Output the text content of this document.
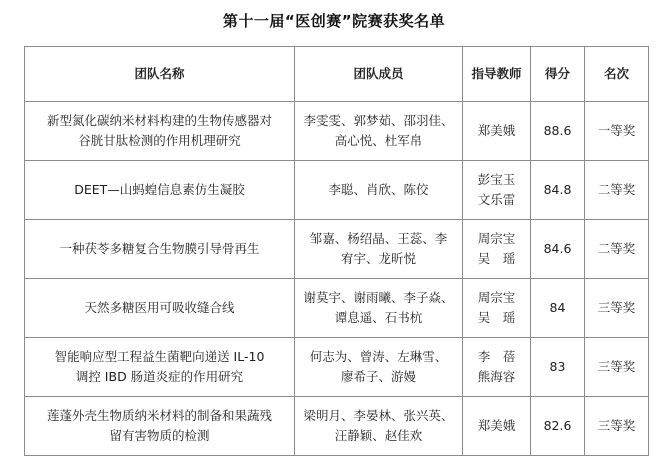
第十一届“医创赛”院赛获奖名单
团队名称	团队成员	指导教师	得分	名次

新型氮化碳纳米材料构建的生物传感器对
谷胱甘肽检测的作用机理研究	李雯雯、郭梦茹、邵羽佳、
高心悦、杜军帛	郑美娥	88.6	一等奖

DEET—山蚂蝗信息素仿生凝胶	李聪、肖欣、陈佼	彭宝玉
文乐雷	84.8	二等奖

一种茯苓多糖复合生物膜引导骨再生	邹嘉、杨绍晶、王蕊、李
宥宇、龙昕悦	周宗宝
吴　瑶	84.6	二等奖

天然多糖医用可吸收缝合线	谢莫宇、谢雨曦、李子焱、
谭息遥、石书杭	周宗宝
吴　瑶	84	三等奖

智能响应型工程益生菌靶向递送 IL-10
调控 IBD 肠道炎症的作用研究	何志为、曾涛、左琳雪、
廖希子、游嫚	李　蓓
熊海容	83	三等奖

莲蓬外壳生物质纳米材料的制备和果蔬残
留有害物质的检测	梁明月、李晏林、张兴英、
汪静颖、赵佳欢	郑美娥	82.6	三等奖
